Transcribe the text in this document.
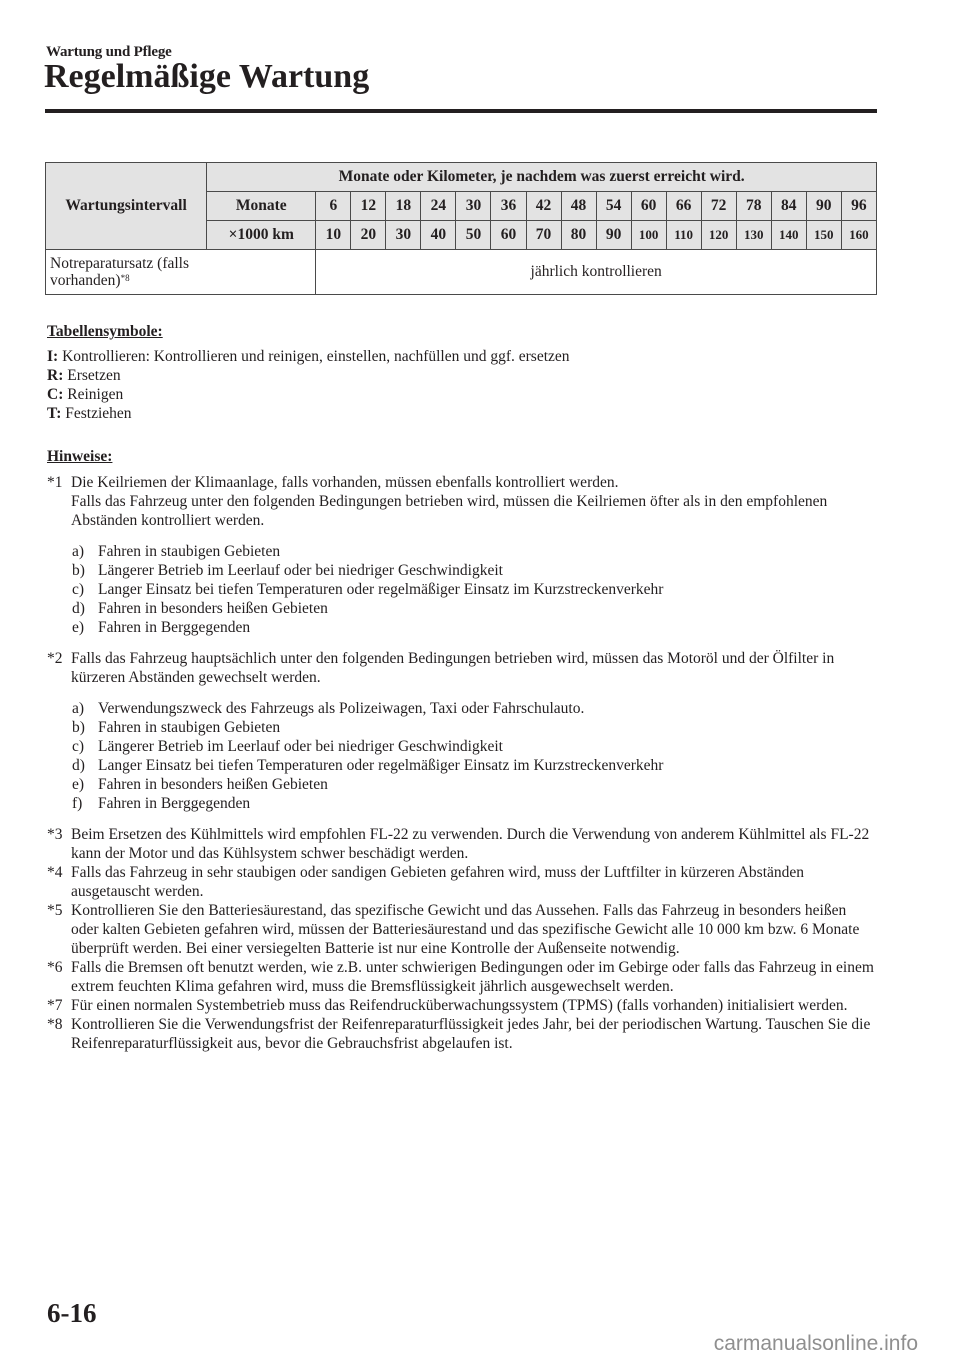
Wartung und Pflege
Regelmäßige Wartung
Wartungsintervall	Monate oder Kilometer, je nachdem was zuerst erreicht wird.																
	Monate	6	12	18	24	30	36	42	48	54	60	66	72	78	84	90	96
	×1000 km	10	20	30	40	50	60	70	80	90	100	110	120	130	140	150	160
Notreparatursatz (falls
vorhanden)$^{*8}$		jährlich kontrollieren															
Tabellensymbole:
I: Kontrollieren: Kontrollieren und reinigen, einstellen, nachfüllen und ggf. ersetzen
R: Ersetzen
C: Reinigen
T: Festziehen
Hinweise:
*1 Die Keilriemen der Klimaanlage, falls vorhanden, müssen ebenfalls kontrolliert werden.
Falls das Fahrzeug unter den folgenden Bedingungen betrieben wird, müssen die Keilriemen öfter als in den empfohlenen Abständen kontrolliert werden.
a) Fahren in staubigen Gebieten
b) Längerer Betrieb im Leerlauf oder bei niedriger Geschwindigkeit
c) Langer Einsatz bei tiefen Temperaturen oder regelmäßiger Einsatz im Kurzstreckenverkehr
d) Fahren in besonders heißen Gebieten
e) Fahren in Berggegenden
*2 Falls das Fahrzeug hauptsächlich unter den folgenden Bedingungen betrieben wird, müssen das Motoröl und der Ölfilter in kürzeren Abständen gewechselt werden.
a) Verwendungszweck des Fahrzeugs als Polizeiwagen, Taxi oder Fahrschulauto.
b) Fahren in staubigen Gebieten
c) Längerer Betrieb im Leerlauf oder bei niedriger Geschwindigkeit
d) Langer Einsatz bei tiefen Temperaturen oder regelmäßiger Einsatz im Kurzstreckenverkehr
e) Fahren in besonders heißen Gebieten
f)	Fahren in Berggegenden
*3 Beim Ersetzen des Kühlmittels wird empfohlen FL-22 zu verwenden. Durch die Verwendung von anderem Kühlmittel als FL-22 kann der Motor und das Kühlsystem schwer beschädigt werden.
*4 Falls das Fahrzeug in sehr staubigen oder sandigen Gebieten gefahren wird, muss der Luftfilter in kürzeren Abständen ausgetauscht werden.
*5 Kontrollieren Sie den Batteriesäurestand, das spezifische Gewicht und das Aussehen. Falls das Fahrzeug in besonders heißen oder kalten Gebieten gefahren wird, müssen der Batteriesäurestand und das spezifische Gewicht alle 10 000 km bzw. 6 Monate überprüft werden. Bei einer versiegelten Batterie ist nur eine Kontrolle der Außenseite notwendig.
*6 Falls die Bremsen oft benutzt werden, wie z.B. unter schwierigen Bedingungen oder im Gebirge oder falls das Fahrzeug in einem extrem feuchten Klima gefahren wird, muss die Bremsflüssigkeit jährlich ausgewechselt werden.
*7 Für einen normalen Systembetrieb muss das Reifendrucküberwachungssystem (TPMS) (falls vorhanden) initialisiert werden.
*8 Kontrollieren Sie die Verwendungsfrist der Reifenreparaturflüssigkeit jedes Jahr, bei der periodischen Wartung. Tauschen Sie die Reifenreparaturflüssigkeit aus, bevor die Gebrauchsfrist abgelaufen ist.
6-16
carmanualsonline.info
